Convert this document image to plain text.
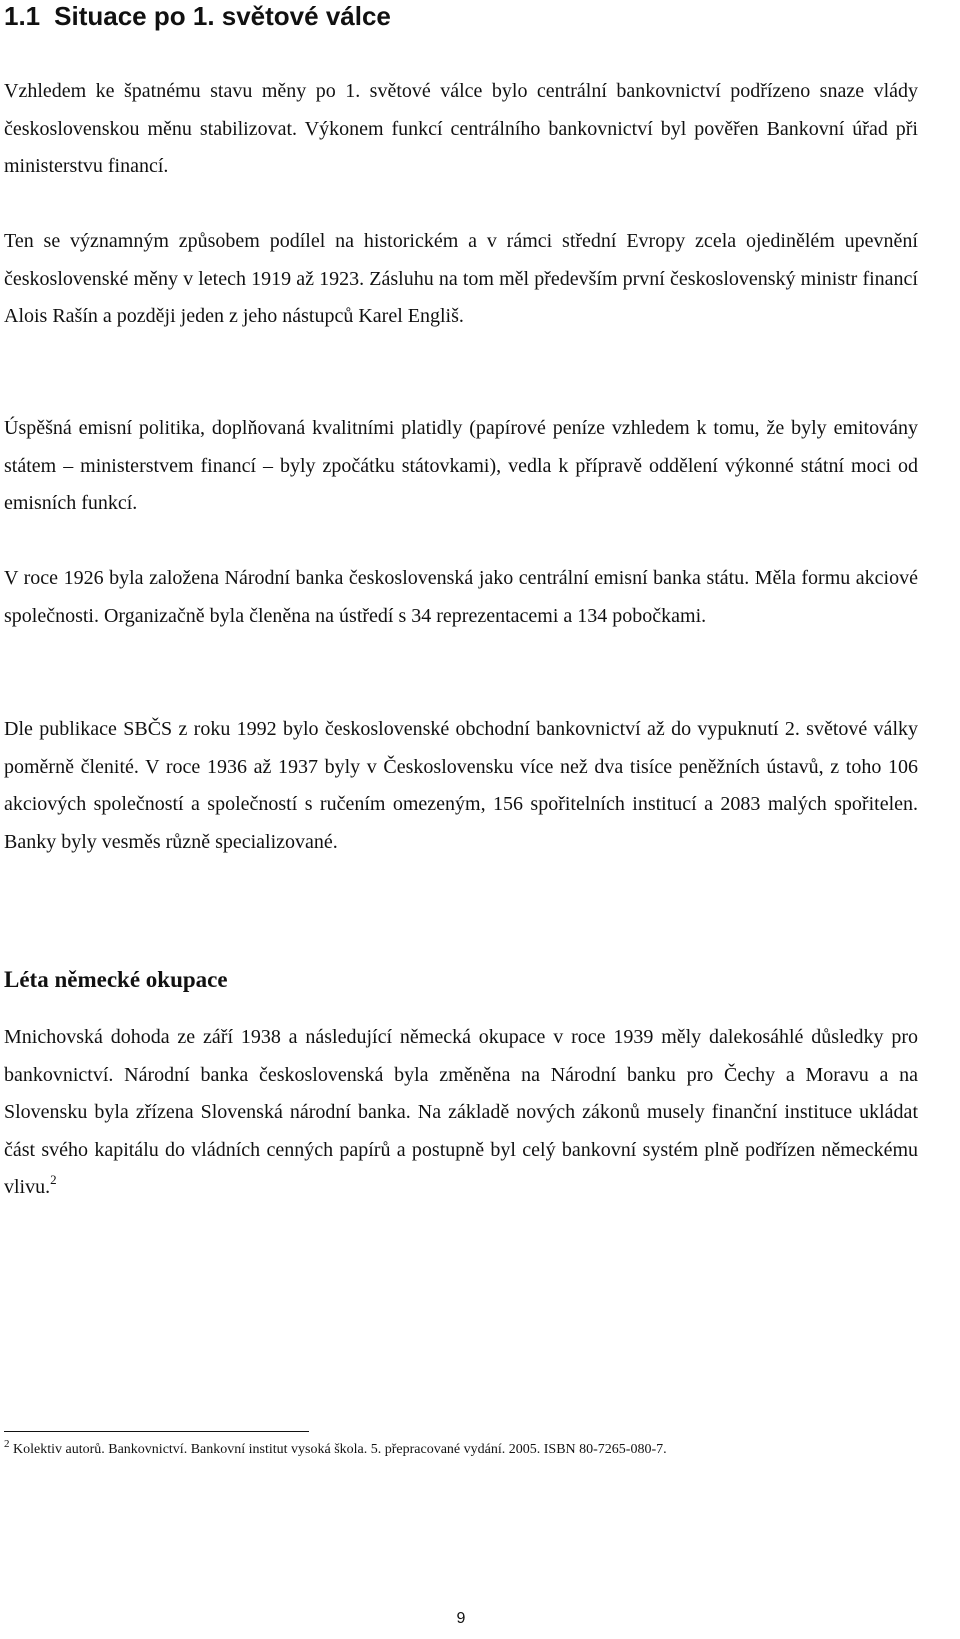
1.1 Situace po 1. světové válce

Vzhledem ke špatnému stavu měny po 1. světové válce bylo centrální bankovnictví podřízeno snaze vlády československou měnu stabilizovat. Výkonem funkcí centrálního bankovnictví byl pověřen Bankovní úřad při ministerstvu financí.

Ten se významným způsobem podílel na historickém a v rámci střední Evropy zcela ojedinělém upevnění československé měny v letech 1919 až 1923. Zásluhu na tom měl především první československý ministr financí Alois Rašín a později jeden z jeho nástupců Karel Engliš.

Úspěšná emisní politika, doplňovaná kvalitními platidly (papírové peníze vzhledem k tomu, že byly emitovány státem – ministerstvem financí – byly zpočátku státovkami), vedla k přípravě oddělení výkonné státní moci od emisních funkcí.

V roce 1926 byla založena Národní banka československá jako centrální emisní banka státu. Měla formu akciové společnosti. Organizačně byla členěna na ústředí s 34 reprezentacemi a 134 pobočkami.

Dle publikace SBČS z roku 1992 bylo československé obchodní bankovnictví až do vypuknutí 2. světové války poměrně členité. V roce 1936 až 1937 byly v Československu více než dva tisíce peněžních ústavů, z toho 106 akciových společností a společností s ručením omezeným, 156 spořitelních institucí a 2083 malých spořitelen. Banky byly vesměs různě specializované.

Léta německé okupace

Mnichovská dohoda ze září 1938 a následující německá okupace v roce 1939 měly dalekosáhlé důsledky pro bankovnictví. Národní banka československá byla změněna na Národní banku pro Čechy a Moravu a na Slovensku byla zřízena Slovenská národní banka. Na základě nových zákonů musely finanční instituce ukládat část svého kapitálu do vládních cenných papírů a postupně byl celý bankovní systém plně podřízen německému vlivu.$^2$

$^2$ Kolektiv autorů. Bankovnictví. Bankovní institut vysoká škola. 5. přepracované vydání. 2005. ISBN 80-7265-080-7.
9
